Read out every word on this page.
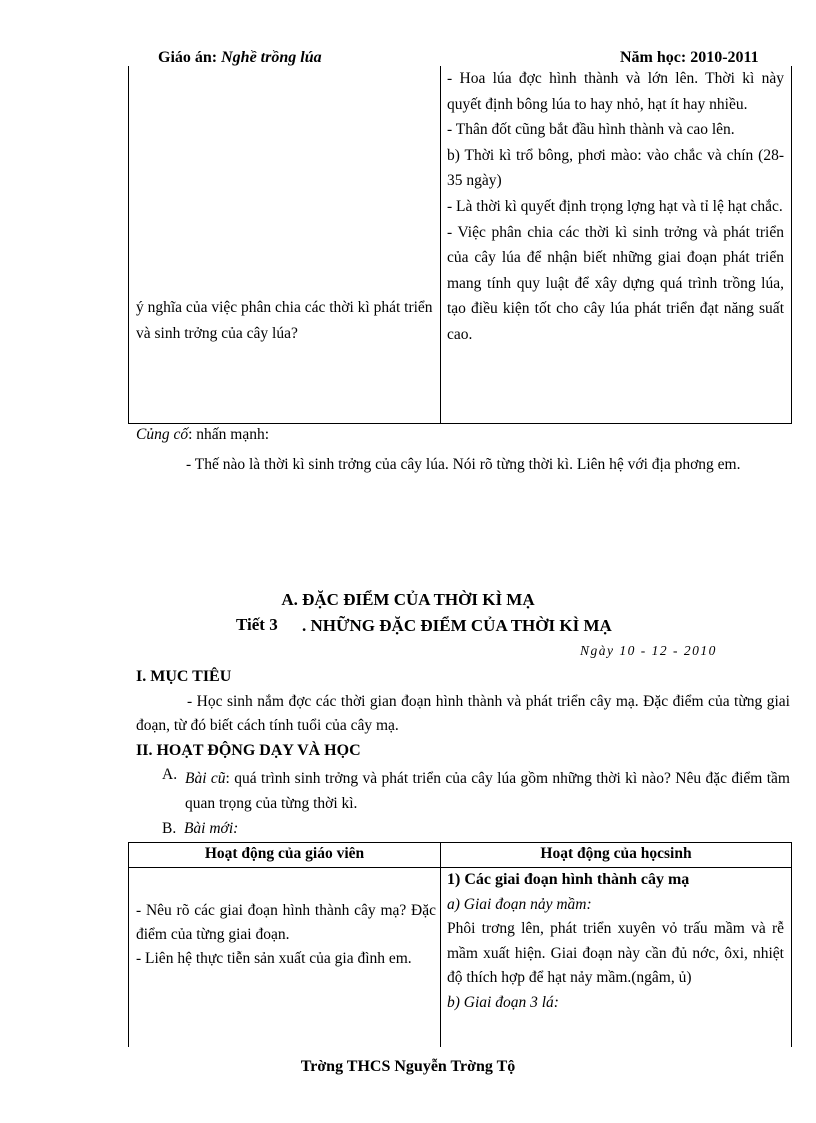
Giáo án: Nghề trồng lúa	Năm học: 2010-2011

- Hoa lúa đợc hình thành và lớn lên. Thời kì này quyết định bông lúa to hay nhỏ, hạt ít hay nhiều.

- Thân đốt cũng bắt đầu hình thành và cao lên.

b) Thời kì trổ bông, phơi mào: vào chắc và chín (28-35 ngày)

- Là thời kì quyết định trọng lợng hạt và tỉ lệ hạt chắc.

- Việc phân chia các thời kì sinh trởng và phát triển của cây lúa để nhận biết những giai đoạn phát triển mang tính quy luật để xây dựng quá trình trồng lúa, tạo điều kiện tốt cho cây lúa phát triển đạt năng suất cao.

ý nghĩa của việc phân chia các thời kì phát triển và sinh trởng của cây lúa?

Củng cố: nhấn mạnh:
- Thế nào là thời kì sinh trởng của cây lúa. Nói rõ từng thời kì. Liên hệ với địa phơng em.
A. ĐẶC ĐIỂM CỦA THỜI KÌ MẠ
Tiết 3 . NHỮNG ĐẶC ĐIỂM CỦA THỜI KÌ MẠ
Ngày 10 - 12 - 2010
I. MỤC TIÊU
- Học sinh nắm đợc các thời gian đoạn hình thành và phát triển cây mạ. Đặc điểm của từng giai đoạn, từ đó biết cách tính tuổi của cây mạ.
II. HOẠT ĐỘNG DẠY VÀ HỌC
A. Bài cũ: quá trình sinh trởng và phát triển của cây lúa gồm những thời kì nào? Nêu đặc điểm tầm quan trọng của từng thời kì.
B. Bài mới:
Hoạt động của giáo viên	Hoạt động của họcsinh

- Nêu rõ các giai đoạn hình thành cây mạ? Đặc điểm của từng giai đoạn.

- Liên hệ thực tiễn sản xuất của gia đình em.

1) Các giai đoạn hình thành cây mạ

a) Giai đoạn nảy mầm:

Phôi trơng lên, phát triển xuyên vỏ trấu mầm và rễ mầm xuất hiện. Giai đoạn này cần đủ nớc, ôxi, nhiệt độ thích hợp để hạt nảy mầm.(ngâm, ủ)

b) Giai đoạn 3 lá:

Trờng THCS Nguyễn Trờng Tộ
